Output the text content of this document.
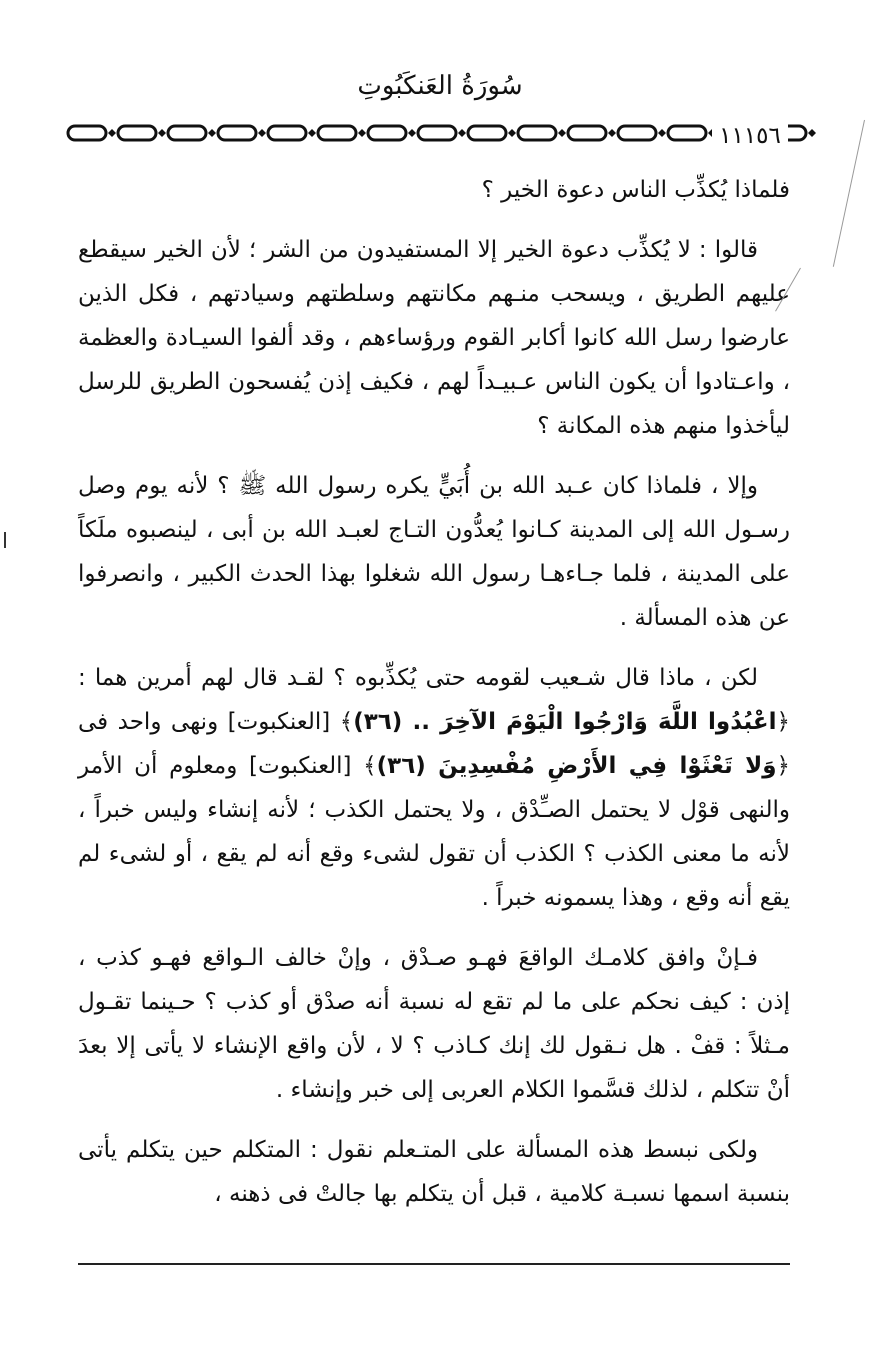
سُورَةُ العَنكَبُوتِ
١١١٥٦

فلماذا يُكذِّب الناس دعوة الخير ؟

قالوا : لا يُكذِّب دعوة الخير إلا المستفيدون من الشر ؛ لأن الخير سيقطع عليهم الطريق ، ويسحب منـهم مكانتهم وسلطتهم وسيادتهم ، فكل الذين عارضوا رسل الله كانوا أكابر القوم ورؤساءهم ، وقد ألفوا السيـادة والعظمة ، واعـتادوا أن يكون الناس عـبيـداً لهم ، فكيف إذن يُفسحون الطريق للرسل ليأخذوا منهم هذه المكانة ؟

وإلا ، فلماذا كان عـبد الله بن أُبَيٍّ يكره رسول الله ﷺ ؟ لأنه يوم وصل رسـول الله إلى المدينة كـانوا يُعدُّون التـاج لعبـد الله بن أبى ، لينصبوه ملَكاً على المدينة ، فلما جـاءهـا رسول الله شغلوا بهذا الحدث الكبير ، وانصرفوا عن هذه المسألة .

لكن ، ماذا قال شـعيب لقومه حتى يُكذِّبوه ؟ لقـد قال لهم أمرين هما : ﴿اعْبُدُوا اللَّهَ وَارْجُوا الْيَوْمَ الآخِرَ .. (٣٦)﴾ [العنكبوت] ونهى واحد فى ﴿وَلا تَعْثَوْا فِي الأَرْضِ مُفْسِدِينَ (٣٦)﴾ [العنكبوت] ومعلوم أن الأمر والنهى قوْل لا يحتمل الصـِّدْق ، ولا يحتمل الكذب ؛ لأنه إنشاء وليس خبراً ، لأنه ما معنى الكذب ؟ الكذب أن تقول لشىء وقع أنه لم يقع ، أو لشىء لم يقع أنه وقع ، وهذا يسمونه خبراً .

فـإنْ وافق كلامـك الواقعَ فهـو صـدْق ، وإنْ خالف الـواقع فهـو كذب ، إذن : كيف نحكم على ما لم تقع له نسبة أنه صدْق أو كذب ؟ حـينما تقـول مـثلاً : قفْ . هل نـقول لك إنك كـاذب ؟ لا ، لأن واقع الإنشاء لا يأتى إلا بعدَ أنْ تتكلم ، لذلك قسَّموا الكلام العربى إلى خبر وإنشاء .

ولكى نبسط هذه المسألة على المتـعلم نقول : المتكلم حين يتكلم يأتى بنسبة اسمها نسبـة كلامية ، قبل أن يتكلم بها جالتْ فى ذهنه ،
